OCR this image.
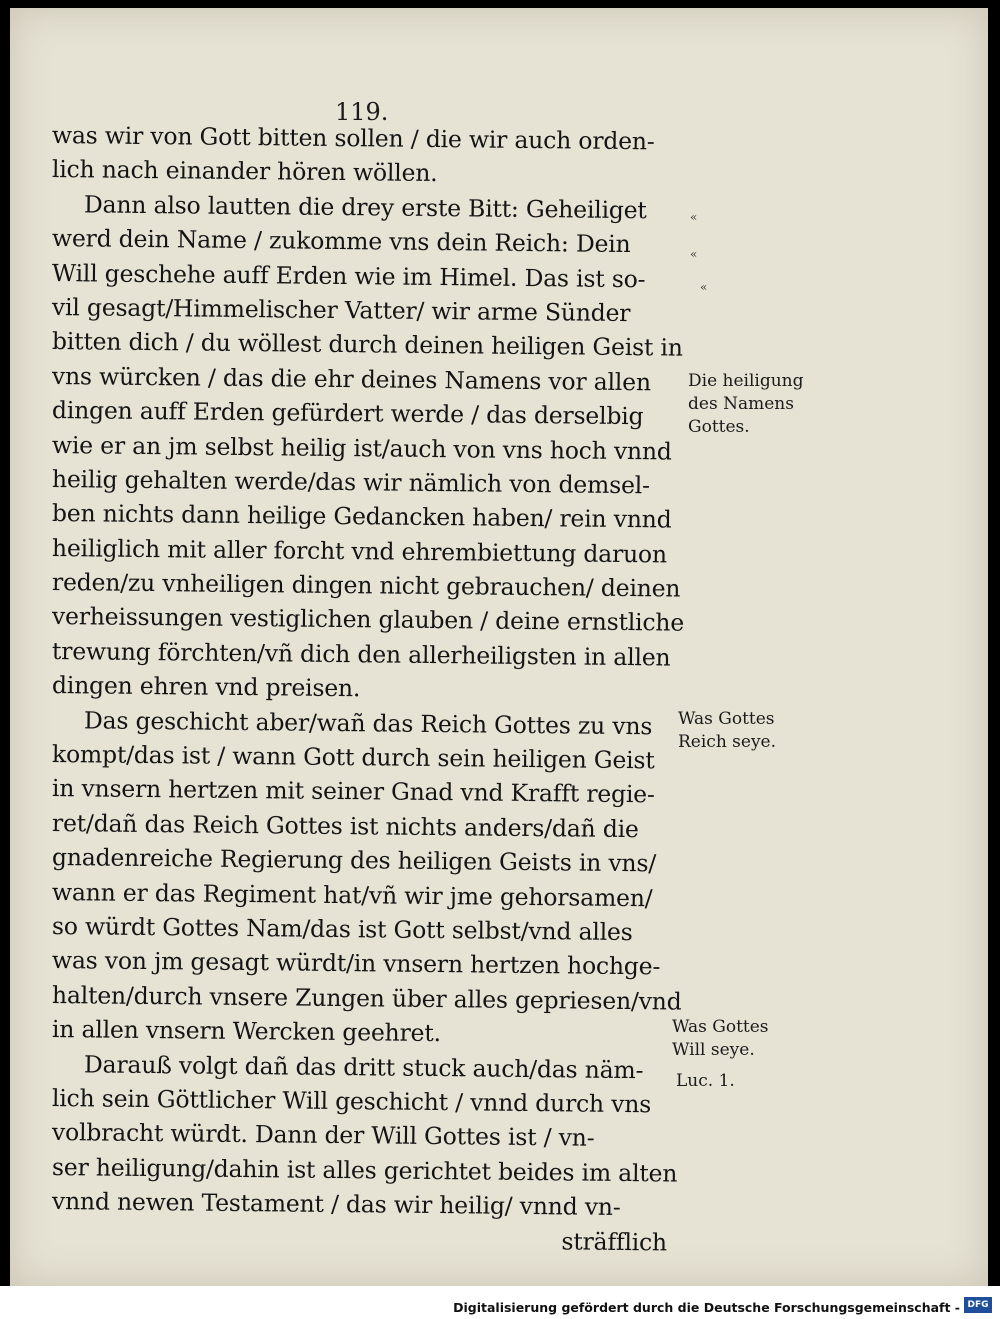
119.
was wir von Gott bitten sollen / die wir auch orden-
lich nach einander hören wöllen.
Dann also lautten die drey erste Bitt: Geheiliget
werd dein Name / zukomme vns dein Reich: Dein
Will geschehe auff Erden wie im Himel. Das ist so-
vil gesagt/Himmelischer Vatter/ wir arme Sünder
bitten dich / du wöllest durch deinen heiligen Geist in
vns würcken / das die ehr deines Namens vor allen
dingen auff Erden gefürdert werde / das derselbig
wie er an jm selbst heilig ist/auch von vns hoch vnnd
heilig gehalten werde/das wir nämlich von demsel-
ben nichts dann heilige Gedancken haben/ rein vnnd
heiliglich mit aller forcht vnd ehrembiettung daruon
reden/zu vnheiligen dingen nicht gebrauchen/ deinen
verheissungen vestiglichen glauben / deine ernstliche
trewung förchten/vñ dich den allerheiligsten in allen
dingen ehren vnd preisen.
Das geschicht aber/wañ das Reich Gottes zu vns
kompt/das ist / wann Gott durch sein heiligen Geist
in vnsern hertzen mit seiner Gnad vnd Krafft regie-
ret/dañ das Reich Gottes ist nichts anders/dañ die
gnadenreiche Regierung des heiligen Geists in vns/
wann er das Regiment hat/vñ wir jme gehorsamen/
so würdt Gottes Nam/das ist Gott selbst/vnd alles
was von jm gesagt würdt/in vnsern hertzen hochge-
halten/durch vnsere Zungen über alles gepriesen/vnd
in allen vnsern Wercken geehret.
Darauß volgt dañ das dritt stuck auch/das näm-
lich sein Göttlicher Will geschicht / vnnd durch vns
volbracht würdt. Dann der Will Gottes ist / vn-
ser heiligung/dahin ist alles gerichtet beides im alten
vnnd newen Testament / das wir heilig/ vnnd vn-
sträfflich
«
«
«
Die heiligung
des Namens
Gottes.
Was Gottes
Reich seye.
Was Gottes
Will seye.
Luc. 1.
Digitalisierung gefördert durch die Deutsche Forschungsgemeinschaft - DFG
